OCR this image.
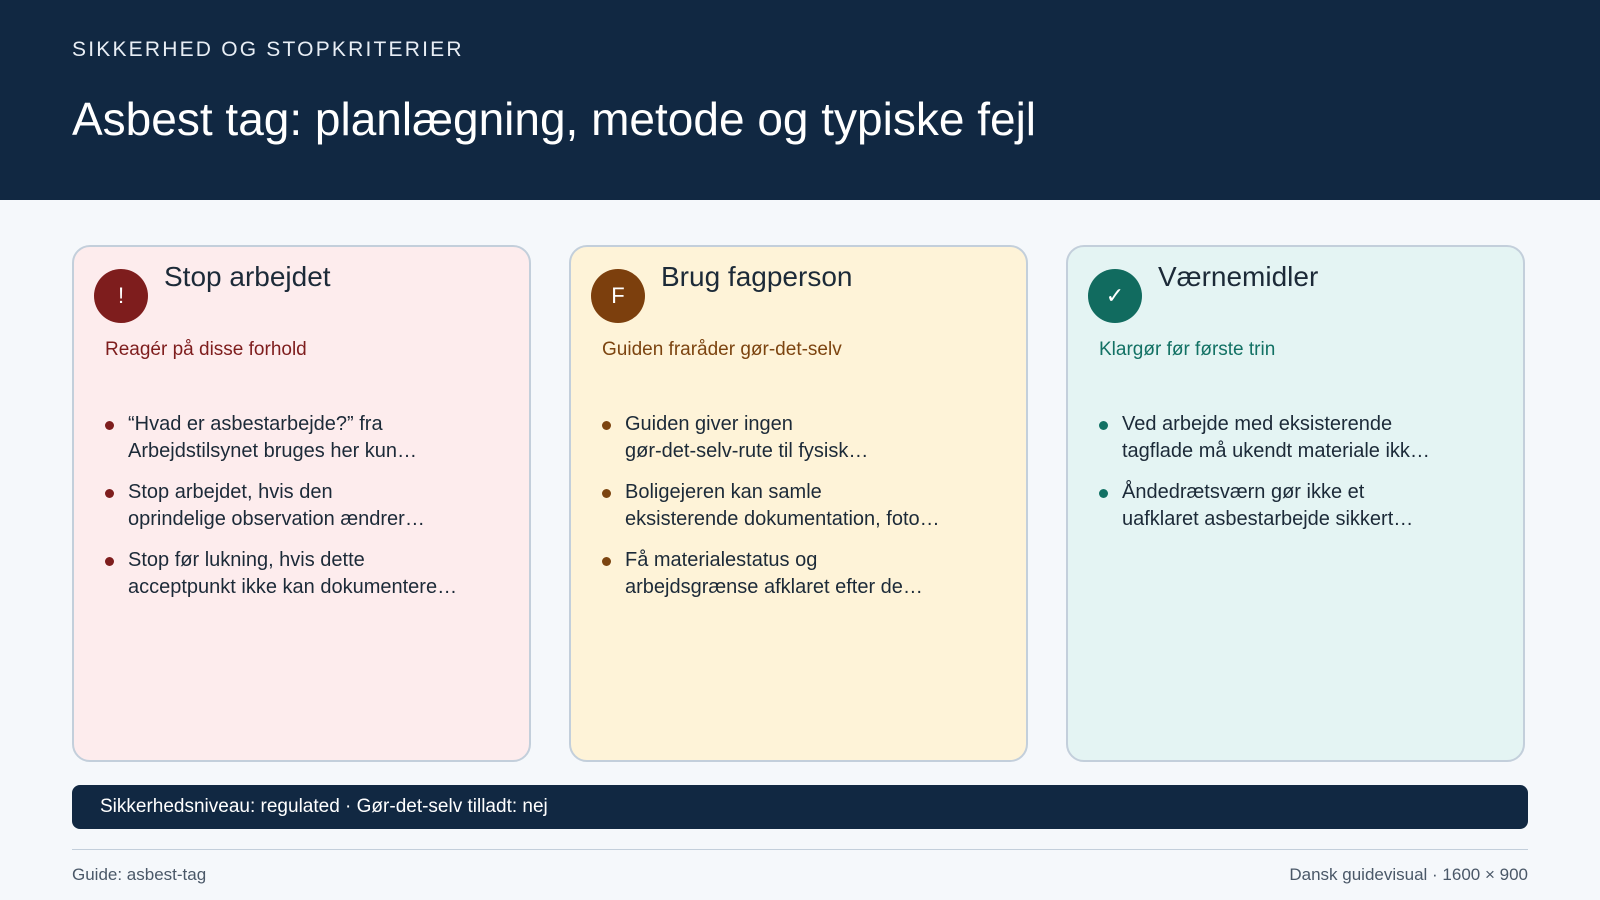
SIKKERHED OG STOPKRITERIER
Asbest tag: planlægning, metode og typiske fejl
!
Stop arbejdet
Reagér på disse forhold
“Hvad er asbestarbejde?” fra
Arbejdstilsynet bruges her kun…
Stop arbejdet, hvis den
oprindelige observation ændrer…
Stop før lukning, hvis dette
acceptpunkt ikke kan dokumentere…
F
Brug fagperson
Guiden fraråder gør-det-selv
Guiden giver ingen
gør-det-selv-rute til fysisk…
Boligejeren kan samle
eksisterende dokumentation, foto…
Få materialestatus og
arbejdsgrænse afklaret efter de…
✓
Værnemidler
Klargør før første trin
Ved arbejde med eksisterende
tagflade må ukendt materiale ikk…
Åndedrætsværn gør ikke et
uafklaret asbestarbejde sikkert…
Sikkerhedsniveau: regulated · Gør-det-selv tilladt: nej
Guide: asbest-tag	Dansk guidevisual · 1600 × 900
